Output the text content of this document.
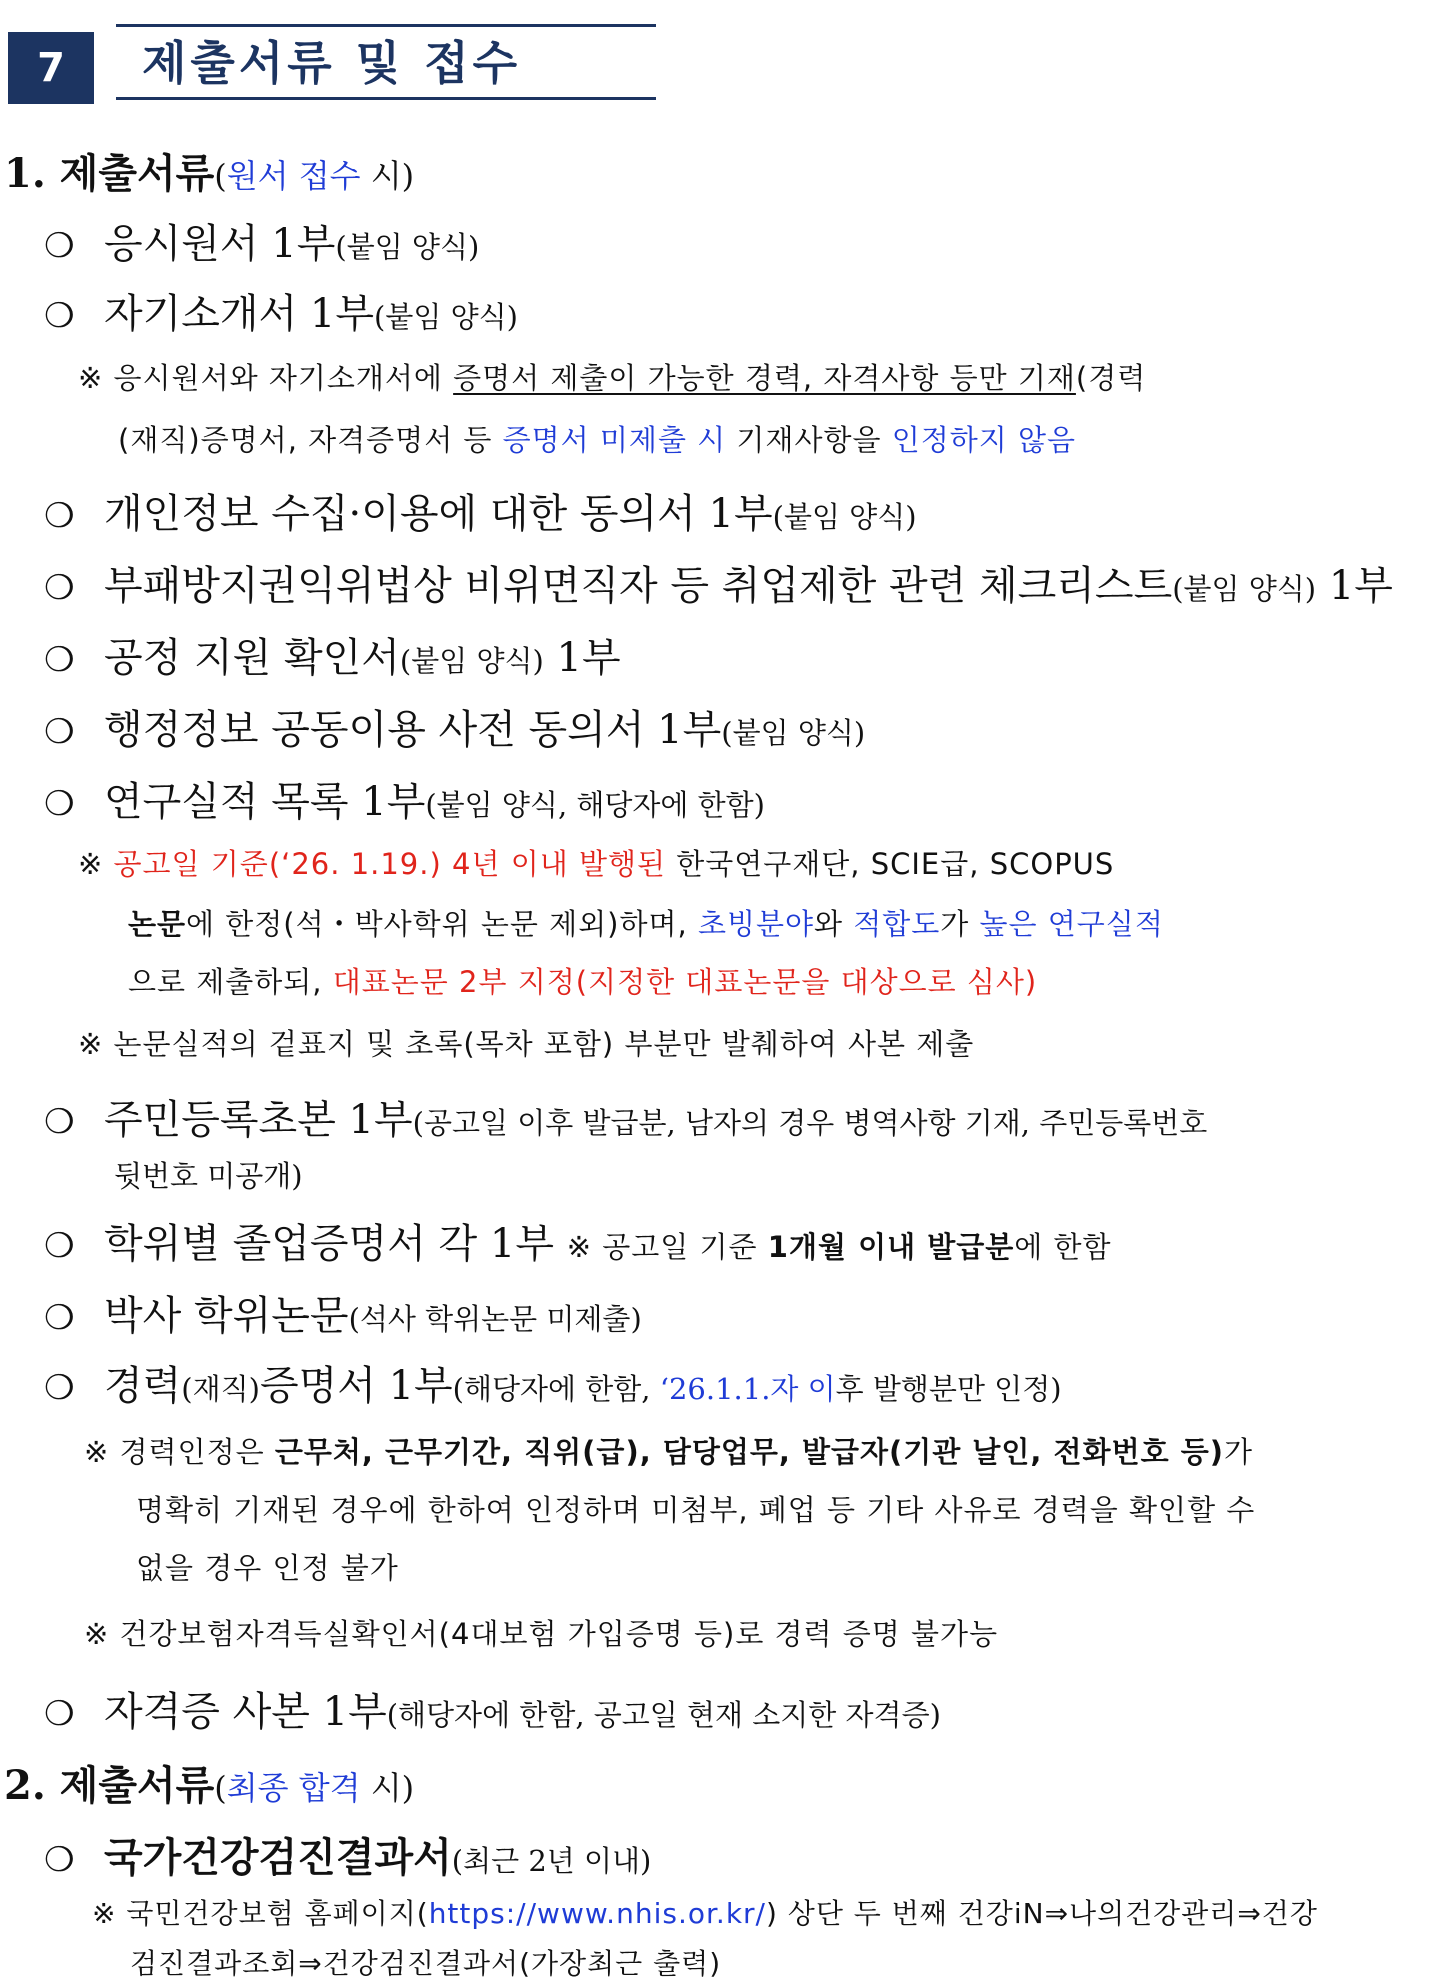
7	제출서류 및 접수
1. 제출서류(원서 접수 시)
❍ 응시원서 1부(붙임 양식)
❍ 자기소개서 1부(붙임 양식)
※ 응시원서와 자기소개서에 증명서 제출이 가능한 경력, 자격사항 등만 기재(경력
(재직)증명서, 자격증명서 등 증명서 미제출 시 기재사항을 인정하지 않음
❍ 개인정보 수집·이용에 대한 동의서 1부(붙임 양식)
❍ 부패방지권익위법상 비위면직자 등 취업제한 관련 체크리스트(붙임 양식) 1부
❍ 공정 지원 확인서(붙임 양식) 1부
❍ 행정정보 공동이용 사전 동의서 1부(붙임 양식)
❍ 연구실적 목록 1부(붙임 양식, 해당자에 한함)
※ 공고일 기준(‘26. 1.19.) 4년 이내 발행된 한국연구재단, SCIE급, SCOPUS
논문에 한정(석・박사학위 논문 제외)하며, 초빙분야와 적합도가 높은 연구실적
으로 제출하되, 대표논문 2부 지정(지정한 대표논문을 대상으로 심사)
※ 논문실적의 겉표지 및 초록(목차 포함) 부분만 발췌하여 사본 제출
❍ 주민등록초본 1부(공고일 이후 발급분, 남자의 경우 병역사항 기재, 주민등록번호
뒷번호 미공개)
❍ 학위별 졸업증명서 각 1부 ※ 공고일 기준 1개월 이내 발급분에 한함
❍ 박사 학위논문(석사 학위논문 미제출)
❍ 경력(재직)증명서 1부(해당자에 한함, ‘26.1.1.자 이후 발행분만 인정)
※ 경력인정은 근무처, 근무기간, 직위(급), 담당업무, 발급자(기관 날인, 전화번호 등)가
명확히 기재된 경우에 한하여 인정하며 미첨부, 폐업 등 기타 사유로 경력을 확인할 수
없을 경우 인정 불가
※ 건강보험자격득실확인서(4대보험 가입증명 등)로 경력 증명 불가능
❍ 자격증 사본 1부(해당자에 한함, 공고일 현재 소지한 자격증)
2. 제출서류(최종 합격 시)
❍ 국가건강검진결과서(최근 2년 이내)
※ 국민건강보험 홈페이지(https://www.nhis.or.kr/) 상단 두 번째 건강iN⇒나의건강관리⇒건강
검진결과조회⇒건강검진결과서(가장최근 출력)
